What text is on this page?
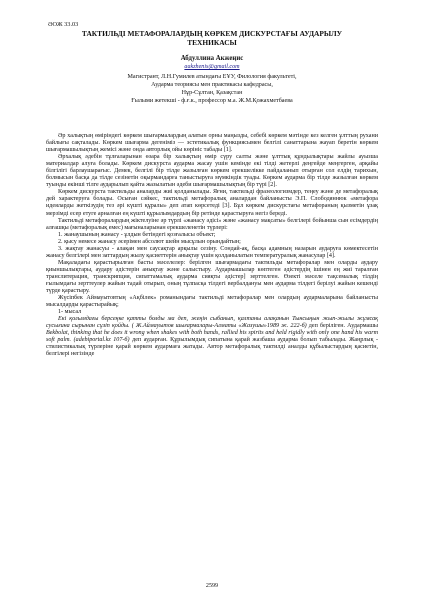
ӘОЖ 33.03
ТАКТИЛЬДІ МЕТАФОРАЛАРДЫҢ КӨРКЕМ ДИСКУРСТАҒЫ АУДАРЫЛУ
ТЕХНИКАСЫ
Абдуллина Акжеңис
aakzhenis@gmail.com
Магистрант, Л.Н.Гумилев атындағы ЕҰУ, Филология факультеті,
Аударма теориясы мен практикасы кафедрасы,
Нұр-Сұлтан, Қазақстан
Ғылыми жетекші - ф.ғ.к., профессор м.а. Ж.М.Қожахметбаева

Әр халықтың өміріндегі көркем шығармалардың алатын орны маңызды, себебі көркем мәтінде кез келген ұлттың рухани байлығы сақталады. Көркем шығарма дегеніміз — эстетикалық функциясымен белгілі санаттарына жауап беретін көркем шығармашылықтың жемісі және онда авторлық ойы көрініс табады [1].

Әрхалық әдебін тұлғаларынан өзара бір халықтың өмір сүру салты және ұлттық құндылықтары жайлы ауызша материалдар алуға болады. Көркем дискурста аударма жасау ушін кемінде екі тілді жетерлі деңгейде меңгерген, арқайы білгілігі барлаушарағыс. Демек, белгілі бір тілде жазылған көркем ерекшелікке пайдаланып отырған сол елдің тарихын, болмысын басқа да тілде сезінетін оқырмандарға таныстыруға мүмкіндік туады. Көркем аударма бір тілде жазылған көркем туынды екінші тілге аударылып қайта жазылатын әдеби шығармашылықтың бір түрі [2].

Көркем дискурста тактильды аналарды жиі қолданылады. Яғни, тактильді фразеологизмдер, теңеу және де метафоралық дей характеруға болады. Осыған сәйкес, тактильді метафоралық аналардан байланысты Э.П. Слободяннюк «метафора идеяларды жеткізудің тез әрі күшті құралы» деп атап көрсетеді [3]. Бұл көркем дискурстағы метафораның қызметін ұзақ мерзімді есер етуге арналған ең күшті құрылымдардың бір ретінде қарастыруға негіз береді.

Тактильді метафоралардың жіктелуіне әр түрлі «жанасу әдісі» және «жанасу мақсаты» белгілері бойынша сын есімдердің алғашқы (метафоралық емес) мағыналарынан ерекшеленетін түрлері:

1. жанаушының жанасу - ұлдын бетіндегі қозғалысы объект;

2. қысу немесе жанасу әсерімен абсолют шейн мысұлын орындайтын;

3. жақтау жанасуы - алақан мен саусақтар арқылы сезіну. Сондай-ақ, басқа адамның назарын аударуға көмектесетін жанасу белгілері мен заттардың жылу қасиеттерін анықтау үшін қолданылатын температуралық жанасулар [4].

Мақаладағы қарастырылған басты мәселелер: берілген шығармадағы тактильды метафоралар мен оларды аудару қиыншылықтары, аудару әдістерін анықтау және салыстыру. Аудармашылар көптеген әдістердің ішінен ең жиі таралған транслитерация, транскрипция, сипаттамалық аударма сияқты әдістер] зерттелген. Өзекті мәселе тақсемалық тілдің ғылымдағы зерттеулер жайын тадай отырып, оның тұлпасқа тілдегі вербалдануы мен аударма тілдегі берілуі жайын кешенді түрде қарастыру.

Жүсіпбек Аймауытовтың «Ақбілек» романындағы тактильді метафоралар мен олардың аудармаларына байланысты мысалдарды қарастырайық;

1- мысал

Екі қолымдағы берсеңке қатты болды ма деп, жеңін сыбанып, қалтаны алақанын Тынсыңын жып-жылы жұмсақ сусығина сырынан сұзіп қойды. ( Ж.Аймауытов шығармалары-Алматы «Жазушы»1989 ж. 222-б) деп беріліген. Аудармашы Bekbolat, thinking that he does it wrong when shakes with both hands, rallied his spirits and held rigidly with only one hand his warm soft palm. (adebiportal.kz 107-б) деп аударған. Құрылымдық сипатына қарай жазбаша аударма болып табылады. Жаңрлық - стилистикалық түрлеріне қарай көркем аудармаға жатады. Автор метафоралық тактилді аналды құбылыстардың қасиетін, белгілері негізінде

2599
